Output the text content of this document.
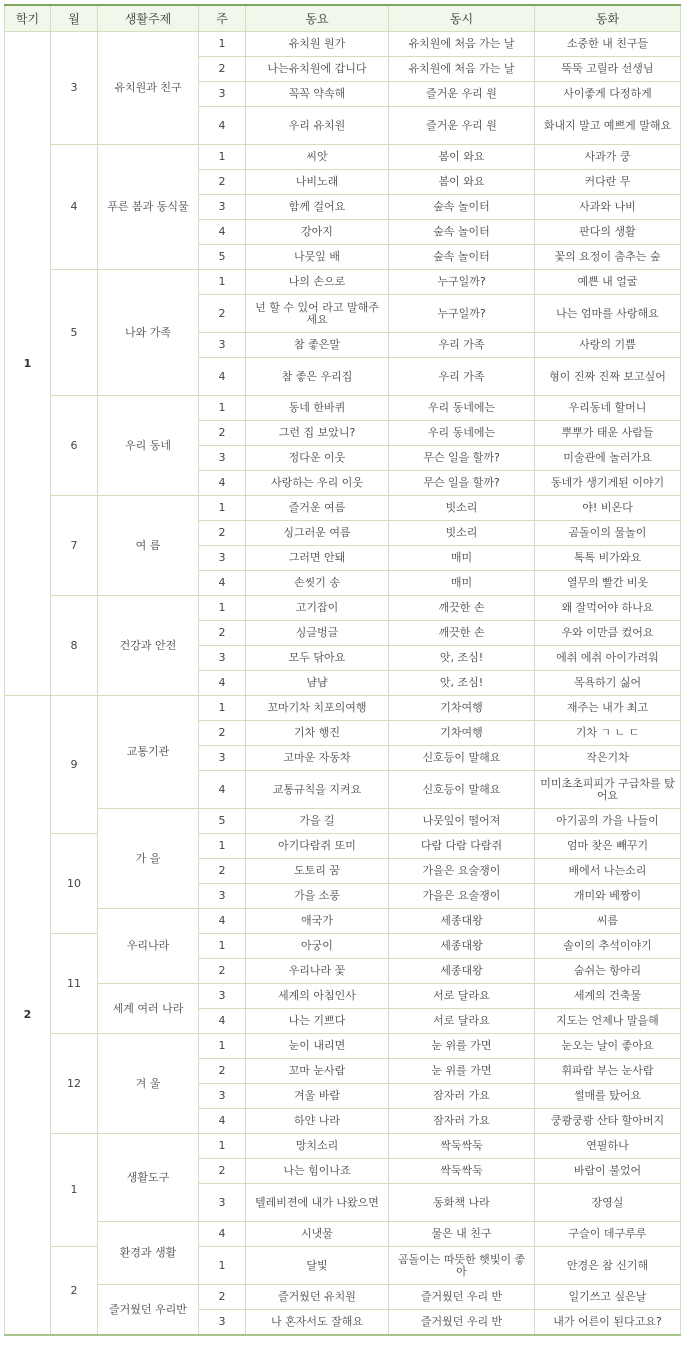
학기	월	생활주제	주	동요	동시	동화
1	3	유치원과 친구	1	유치원 원가	유치원에 처음 가는 날	소중한 내 친구들
			2	나는유치원에 갑니다	유치원에 처음 가는 날	뚝뚝 고릴라 선생님
			3	꼭꼭 약속해	즐거운 우리 원	사이좋게 다정하게
			4	우리 유치원	즐거운 우리 원	화내지 말고 예쁘게 말해요
	4	푸른 봄과 동식물	1	씨앗	봄이 와요	사과가 쿵
			2	나비노래	봄이 와요	커다란 무
			3	함께 걸어요	숲속 놀이터	사과와 나비
			4	강아지	숲속 놀이터	판다의 생활
			5	나뭇잎 배	숲속 놀이터	꽃의 요정이 춤추는 숲
	5	나와 가족	1	나의 손으로	누구일까?	예쁜 내 얼굴
			2	넌 할 수 있어 라고 말해주세요	누구일까?	나는 엄마를 사랑해요
			3	참 좋은말	우리 가족	사랑의 기쁨
			4	참 좋은 우리집	우리 가족	형이 진짜 진짜 보고싶어
	6	우리 동네	1	동네 한바퀴	우리 동네에는	우리동네 할머니
			2	그런 집 보았니?	우리 동네에는	뿌뿌가 태운 사람들
			3	정다운 이웃	무슨 일을 할까?	미술관에 놀러가요
			4	사랑하는 우리 이웃	무슨 일을 할까?	동네가 생기게된 이야기
	7	여 름	1	즐거운 여름	빗소리	야! 비온다
			2	싱그러운 여름	빗소리	곰돌이의 물놀이
			3	그러면 안돼	매미	톡톡 비가와요
			4	손씻기 송	매미	열무의 빨간 비옷
	8	건강과 안전	1	고기잡이	깨끗한 손	왜 잘먹어야 하나요
			2	싱글벙글	깨끗한 손	우와 이만큼 컸어요
			3	모두 닦아요	앗, 조심!	에취 에취 아이가려워
			4	냠냠	앗, 조심!	목욕하기 싫어
2	9	교통기관	1	꼬마기차 치포의여행	기차여행	재주는 내가 최고
			2	기차 행진	기차여행	기차 ㄱ ㄴ ㄷ
			3	고마운 자동차	신호등이 말해요	작은기차
			4	교통규칙을 지켜요	신호등이 말해요	미미초초피피가 구급차를 탔어요
		가 을	5	가을 길	나뭇잎이 떨어져	아기곰의 가을 나들이
	10		1	아기다람쥐 또미	다람 다람 다람쥐	엄마 찾은 빼꾸기
			2	도토리 꿈	가을은 요술쟁이	배에서 나는소리
			3	가을 소풍	가을은 요술쟁이	개미와 베짱이
		우리나라	4	애국가	세종대왕	씨름
	11		1	아궁이	세종대왕	솔이의 추석이야기
			2	우리나라 꽃	세종대왕	숨쉬는 항아리
		세계 여러 나라	3	세계의 아침인사	서로 달라요	세계의 건축물
			4	나는 기쁘다	서로 달라요	지도는 언제나 말을해
	12	겨 울	1	눈이 내리면	눈 위를 가면	눈오는 날이 좋아요
			2	꼬마 눈사람	눈 위를 가면	휘파람 부는 눈사람
			3	겨울 바람	잠자러 가요	썰매를 탔어요
			4	하얀 나라	잠자러 가요	쿵쾅쿵쾅 산타 할아버지
	1	생활도구	1	망치소리	싹둑싹둑	연필하나
			2	나는 힘이나죠	싹둑싹둑	바람이 불었어
			3	텔레비젼에 내가 나왔으면	동화책 나라	장영실
		환경과 생활	4	시냇물	물은 내 친구	구슬이 데구루루
	2		1	달빛	곰돌이는 따뜻한 햇빛이 좋아	안경은 참 신기해
		즐거웠던 우리반	2	즐거웠던 유치원	즐거웠던 우리 반	일기쓰고 싶은날
			3	나 혼자서도 잘해요	즐거웠던 우리 반	내가 어른이 된다고요?
